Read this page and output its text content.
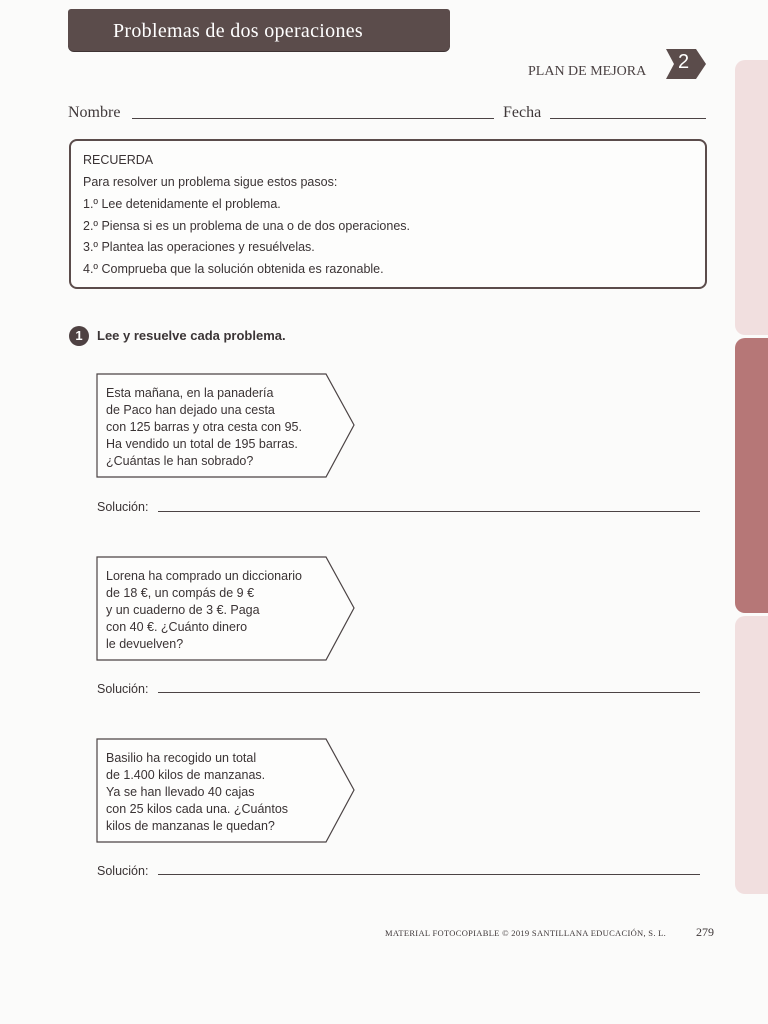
Problemas de dos operaciones
PLAN DE MEJORA 2
Nombre	Fecha
RECUERDA
Para resolver un problema sigue estos pasos:
1.º Lee detenidamente el problema.
2.º Piensa si es un problema de una o de dos operaciones.
3.º Plantea las operaciones y resuélvelas.
4.º Comprueba que la solución obtenida es razonable.
1	Lee y resuelve cada problema.
Esta mañana, en la panadería
de Paco han dejado una cesta
con 125 barras y otra cesta con 95.
Ha vendido un total de 195 barras.
¿Cuántas le han sobrado?
Solución:
Lorena ha comprado un diccionario
de 18 €, un compás de 9 €
y un cuaderno de 3 €. Paga
con 40 €. ¿Cuánto dinero
le devuelven?
Solución:
Basilio ha recogido un total
de 1.400 kilos de manzanas.
Ya se han llevado 40 cajas
con 25 kilos cada una. ¿Cuántos
kilos de manzanas le quedan?
Solución:
MATERIAL FOTOCOPIABLE © 2019 SANTILLANA EDUCACIÓN, S. L. 279
